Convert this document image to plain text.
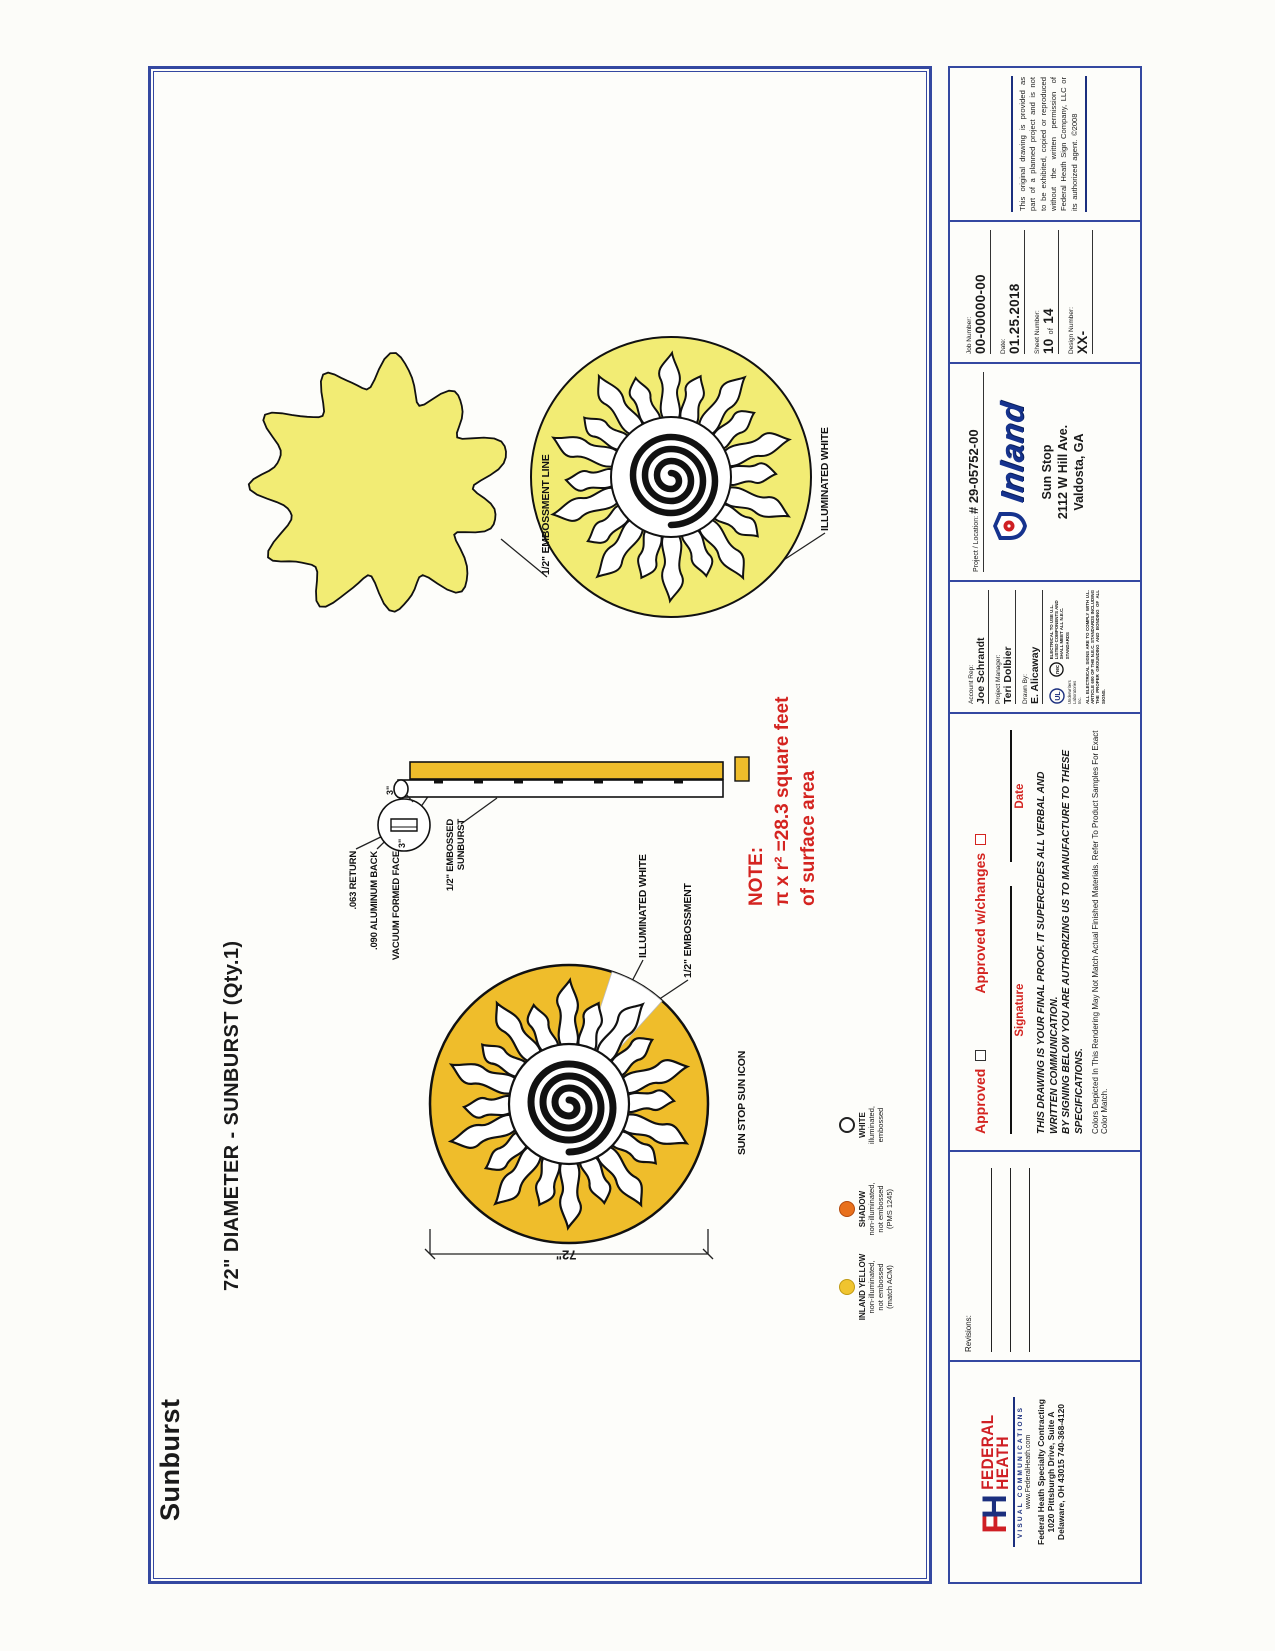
Sunburst
72" DIAMETER - SUNBURST (Qty.1)	72"
ILLUMINATED WHITE	1/2" EMBOSSMENT
SUN STOP SUN ICON
1/2" EMBOSSMENT LINE	ILLUMINATED WHITE
.063 RETURN .090 ALUMINUM BACK VACUUM FORMED FACE	1/2" EMBOSSED
SUNBURST
3"
3"
NOTE: π x r² =28.3 square feet of surface area
INLAND YELLOW non-illuminated, not embossed (match ACM)
SHADOW non-illuminated, not embossed (PMS 1245)
WHITE illuminated, embossed
F
H
FEDERAL
HEATH VISUAL COMMUNICATIONS www.FederalHeath.com Federal Heath Specialty Contracting 1020 Pittsburgh Drive, Suite A Delaware, OH 43015 740-368-4120
Revisions:
Approved
Approved w/changes
Signature
Date THIS DRAWING IS YOUR FINAL PROOF. IT SUPERCEDES ALL VERBAL AND WRITTEN COMMUNICATION. BY SIGNING BELOW YOU ARE AUTHORIZING US TO MANUFACTURE TO THESE SPECIFICATIONS. Colors Depicted In This Rendering May Not Match Actual Finished Materials. Refer To Product Samples For Exact Color Match.
Account Rep: Joe Schrandt Project Manager: Teri Dolbier Drawn By: E. Alicaway UL Underwriters Laboratories Inc.
nec
ELECTRICAL TO USE U.L. LISTED COMPONENTS AND SHALL MEET ALL N.E.C. STANDARDS	ALL ELECTRICAL SIGNS ARE TO COMPLY WITH U.L. ARTICLE 600 OF THE N.E.C. STANDARDS INCLUDING THE PROPER GROUNDING AND BONDING OF ALL SIGNS.
Project / Location: # 29-05752-00 Inland Sun Stop 2112 W Hill Ave. Valdosta, GA
Job Number: 00-00000-00 Date: 01.25.2018 Sheet Number: 10 of 14 Design Number: XX-

This original drawing is provided as part of a planned project and is not to be exhibited, copied or reproduced without the written permission of Federal Heath Sign Company, LLC or its authorized agent. ©2008
